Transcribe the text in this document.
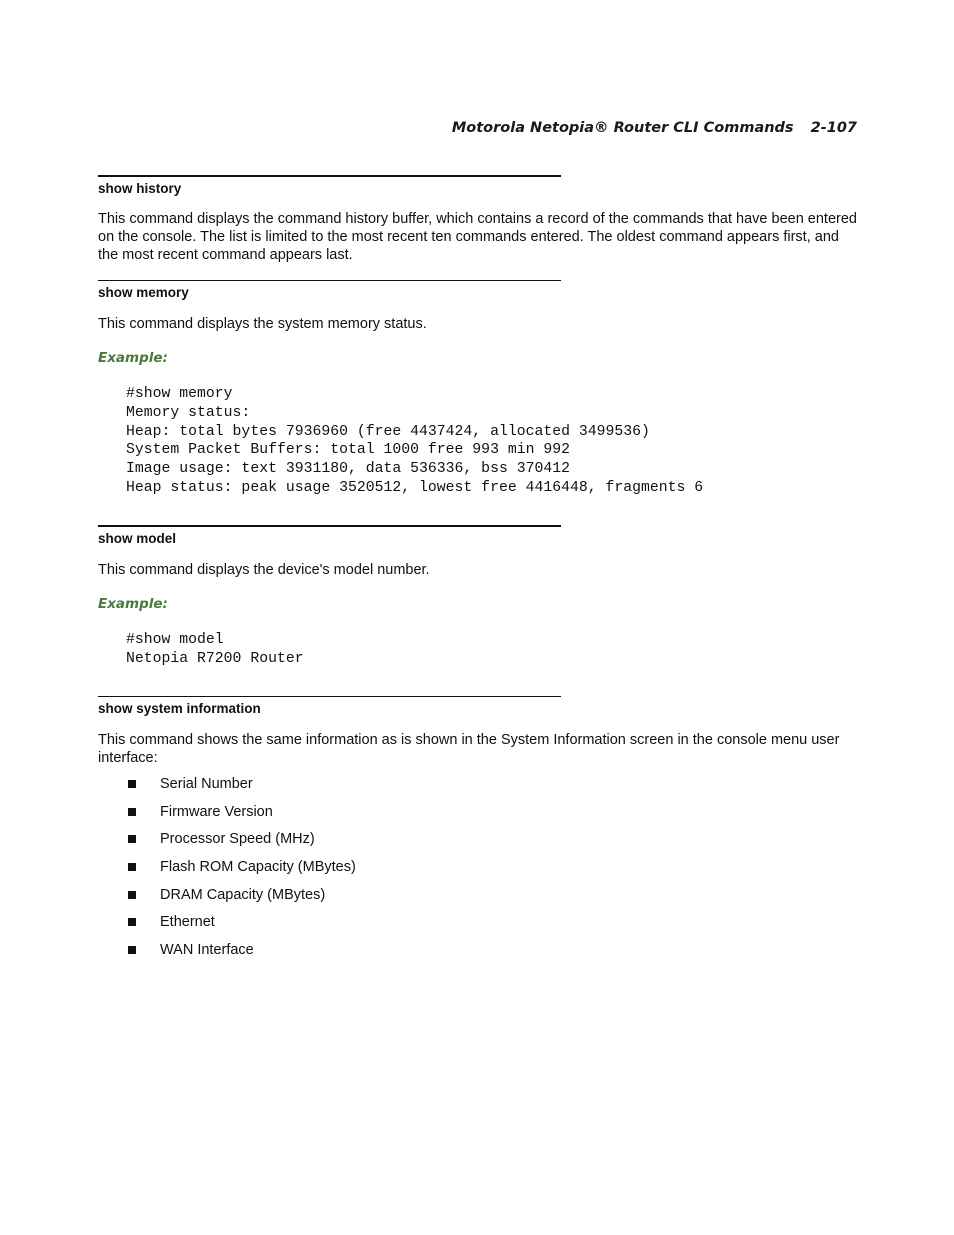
Motorola Netopia® Router CLI Commands 2-107
show history
This command displays the command history buffer, which contains a record of the commands that have been entered on the console. The list is limited to the most recent ten commands entered. The oldest command appears first, and the most recent command appears last.
show memory
This command displays the system memory status.
Example:
#show memory
Memory status:
Heap: total bytes 7936960 (free 4437424, allocated 3499536)
System Packet Buffers: total 1000 free 993 min 992
Image usage: text 3931180, data 536336, bss 370412
Heap status: peak usage 3520512, lowest free 4416448, fragments 6
show model
This command displays the device's model number.
Example:
#show model
Netopia R7200 Router
show system information
This command shows the same information as is shown in the System Information screen in the console menu user interface:
Serial Number
Firmware Version
Processor Speed (MHz)
Flash ROM Capacity (MBytes)
DRAM Capacity (MBytes)
Ethernet
WAN Interface
